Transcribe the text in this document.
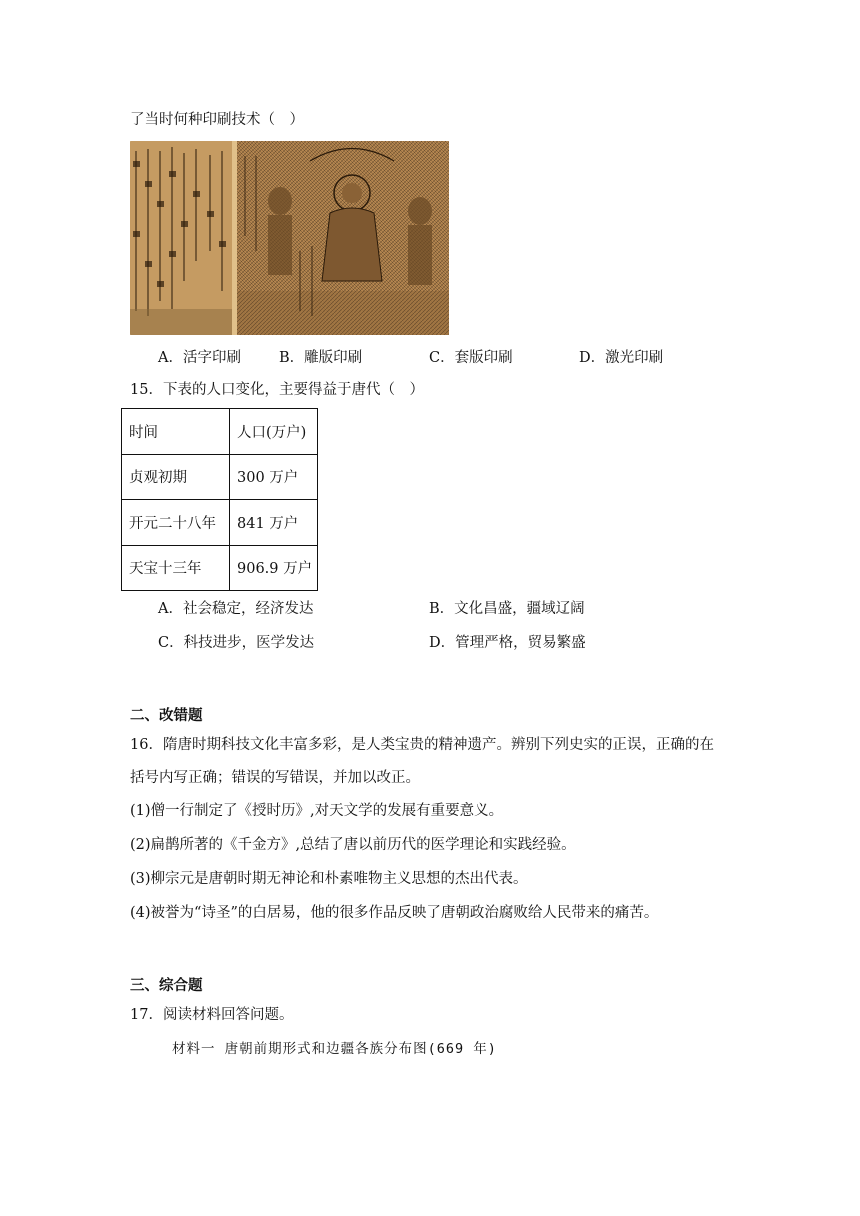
了当时何种印刷技术（　）
A．活字印刷	B．雕版印刷	C．套版印刷	D．激光印刷
15．下表的人口变化，主要得益于唐代（　）
时间	人口(万户)
贞观初期	300 万户
开元二十八年	841 万户
天宝十三年	906.9 万户
A．社会稳定，经济发达	B．文化昌盛，疆域辽阔
C．科技进步，医学发达	D．管理严格，贸易繁盛
二、改错题
16．隋唐时期科技文化丰富多彩，是人类宝贵的精神遗产。辨别下列史实的正误，正确的在
括号内写正确；错误的写错误，并加以改正。
(1)僧一行制定了《授时历》,对天文学的发展有重要意义。
(2)扁鹊所著的《千金方》,总结了唐以前历代的医学理论和实践经验。
(3)柳宗元是唐朝时期无神论和朴素唯物主义思想的杰出代表。
(4)被誉为“诗圣”的白居易，他的很多作品反映了唐朝政治腐败给人民带来的痛苦。
三、综合题
17．阅读材料回答问题。
材料一 唐朝前期形式和边疆各族分布图(669 年)
